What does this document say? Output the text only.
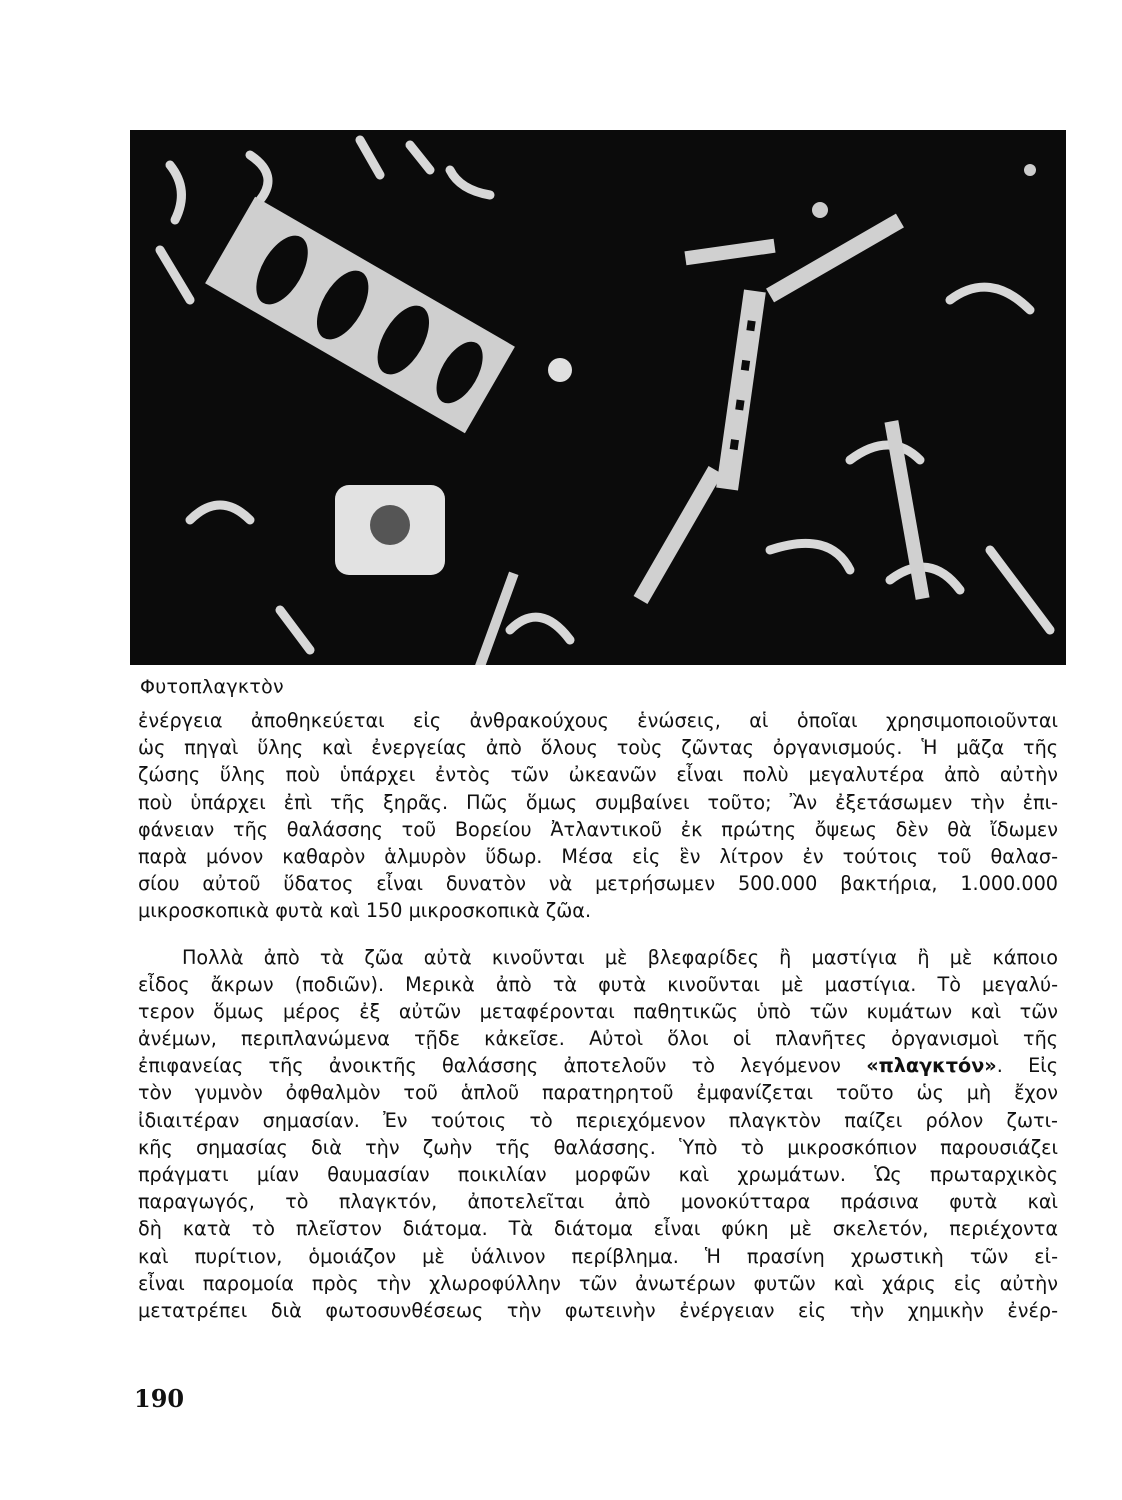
Φυτοπλαγκτὸν
ἐνέργεια ἀποθηκεύεται εἰς ἀνθρακούχους ἑνώσεις, αἱ ὁποῖαι χρησιμοποιοῦνται
ὡς πηγαὶ ὕλης καὶ ἐνεργείας ἀπὸ ὅλους τοὺς ζῶντας ὀργανισμούς. Ἡ μᾶζα τῆς
ζώσης ὕλης ποὺ ὑπάρχει ἐντὸς τῶν ὠκεανῶν εἶναι πολὺ μεγαλυτέρα ἀπὸ αὐτὴν
ποὺ ὑπάρχει ἐπὶ τῆς ξηρᾶς. Πῶς ὅμως συμβαίνει τοῦτο; Ἂν ἐξετάσωμεν τὴν ἐπι-
φάνειαν τῆς θαλάσσης τοῦ Βορείου Ἀτλαντικοῦ ἐκ πρώτης ὄψεως δὲν θὰ ἴδωμεν
παρὰ μόνον καθαρὸν ἁλμυρὸν ὕδωρ. Μέσα εἰς ἓν λίτρον ἐν τούτοις τοῦ θαλασ-
σίου αὐτοῦ ὕδατος εἶναι δυνατὸν νὰ μετρήσωμεν 500.000 βακτήρια, 1.000.000
μικροσκοπικὰ φυτὰ καὶ 150 μικροσκοπικὰ ζῶα.
Πολλὰ ἀπὸ τὰ ζῶα αὐτὰ κινοῦνται μὲ βλεφαρίδες ἢ μαστίγια ἢ μὲ κάποιο
εἶδος ἄκρων (ποδιῶν). Μερικὰ ἀπὸ τὰ φυτὰ κινοῦνται μὲ μαστίγια. Τὸ μεγαλύ-
τερον ὅμως μέρος ἐξ αὐτῶν μεταφέρονται παθητικῶς ὑπὸ τῶν κυμάτων καὶ τῶν
ἀνέμων, περιπλανώμενα τῇδε κἀκεῖσε. Αὐτοὶ ὅλοι οἱ πλανῆτες ὀργανισμοὶ τῆς
ἐπιφανείας τῆς ἀνοικτῆς θαλάσσης ἀποτελοῦν τὸ λεγόμενον «πλαγκτόν». Εἰς
τὸν γυμνὸν ὀφθαλμὸν τοῦ ἁπλοῦ παρατηρητοῦ ἐμφανίζεται τοῦτο ὡς μὴ ἔχον
ἰδιαιτέραν σημασίαν. Ἐν τούτοις τὸ περιεχόμενον πλαγκτὸν παίζει ρόλον ζωτι-
κῆς σημασίας διὰ τὴν ζωὴν τῆς θαλάσσης. Ὑπὸ τὸ μικροσκόπιον παρουσιάζει
πράγματι μίαν θαυμασίαν ποικιλίαν μορφῶν καὶ χρωμάτων. Ὡς πρωταρχικὸς
παραγωγός, τὸ πλαγκτόν, ἀποτελεῖται ἀπὸ μονοκύτταρα πράσινα φυτὰ καὶ
δὴ κατὰ τὸ πλεῖστον διάτομα. Τὰ διάτομα εἶναι φύκη μὲ σκελετόν, περιέχοντα
καὶ πυρίτιον, ὁμοιάζον μὲ ὑάλινον περίβλημα. Ἡ πρασίνη χρωστικὴ τῶν εἰ-
εἶναι παρομοία πρὸς τὴν χλωροφύλλην τῶν ἀνωτέρων φυτῶν καὶ χάρις εἰς αὐτὴν
μετατρέπει διὰ φωτοσυνθέσεως τὴν φωτεινὴν ἐνέργειαν εἰς τὴν χημικὴν ἐνέρ-
190
